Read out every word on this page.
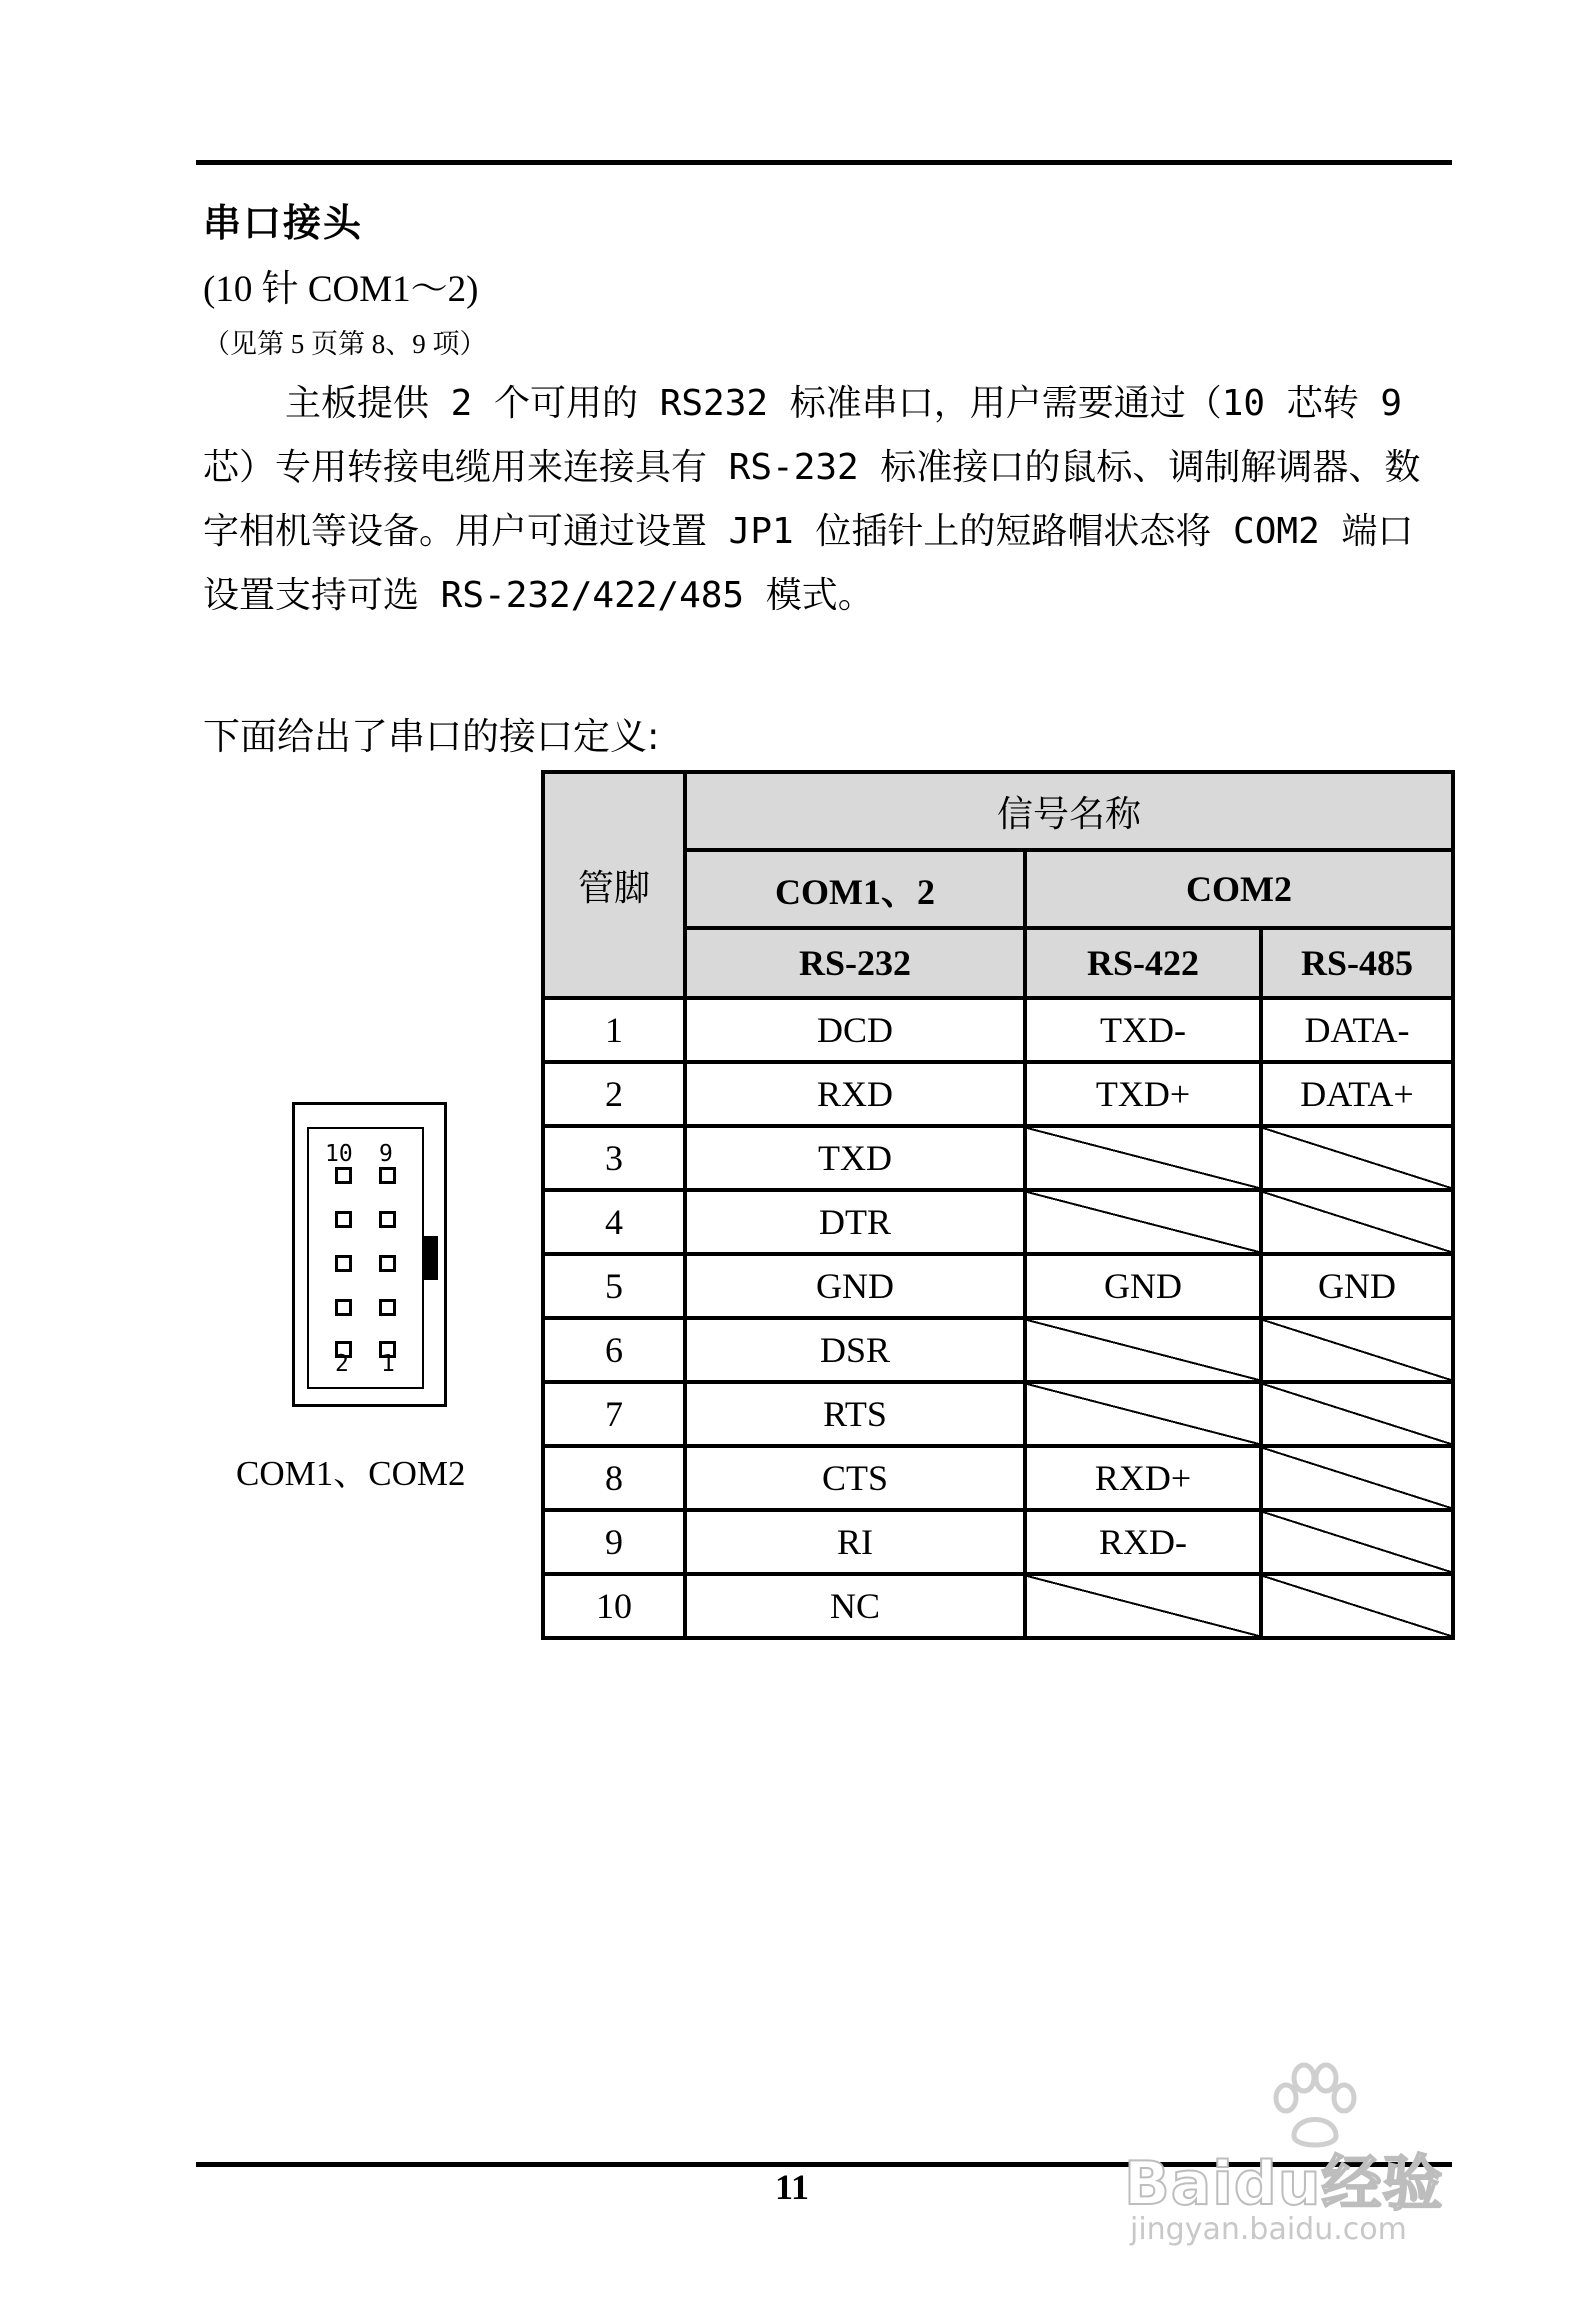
串口接头
(10 针 COM1～2)
（见第 5 页第 8、9 项）

主板提供 2 个可用的 RS232 标准串口，用户需要通过（10 芯转 9 芯）专用转接电缆用来连接具有 RS-232 标准接口的鼠标、调制解调器、数字相机等设备。用户可通过设置 JP1 位插针上的短路帽状态将 COM2 端口设置支持可选 RS-232/422/485 模式。

下面给出了串口的接口定义:
10 9
2 1
COM1、COM2
管脚	信号名称		
	COM1、2	COM2	
	RS-232	RS-422	RS-485
1	DCD	TXD-	DATA-
2	RXD	TXD+	DATA+
3	TXD		
4	DTR		
5	GND	GND	GND
6	DSR		
7	RTS		
8	CTS	RXD+	
9	RI	RXD-	
10	NC		
11	Baidu经验
jingyan.baidu.com
